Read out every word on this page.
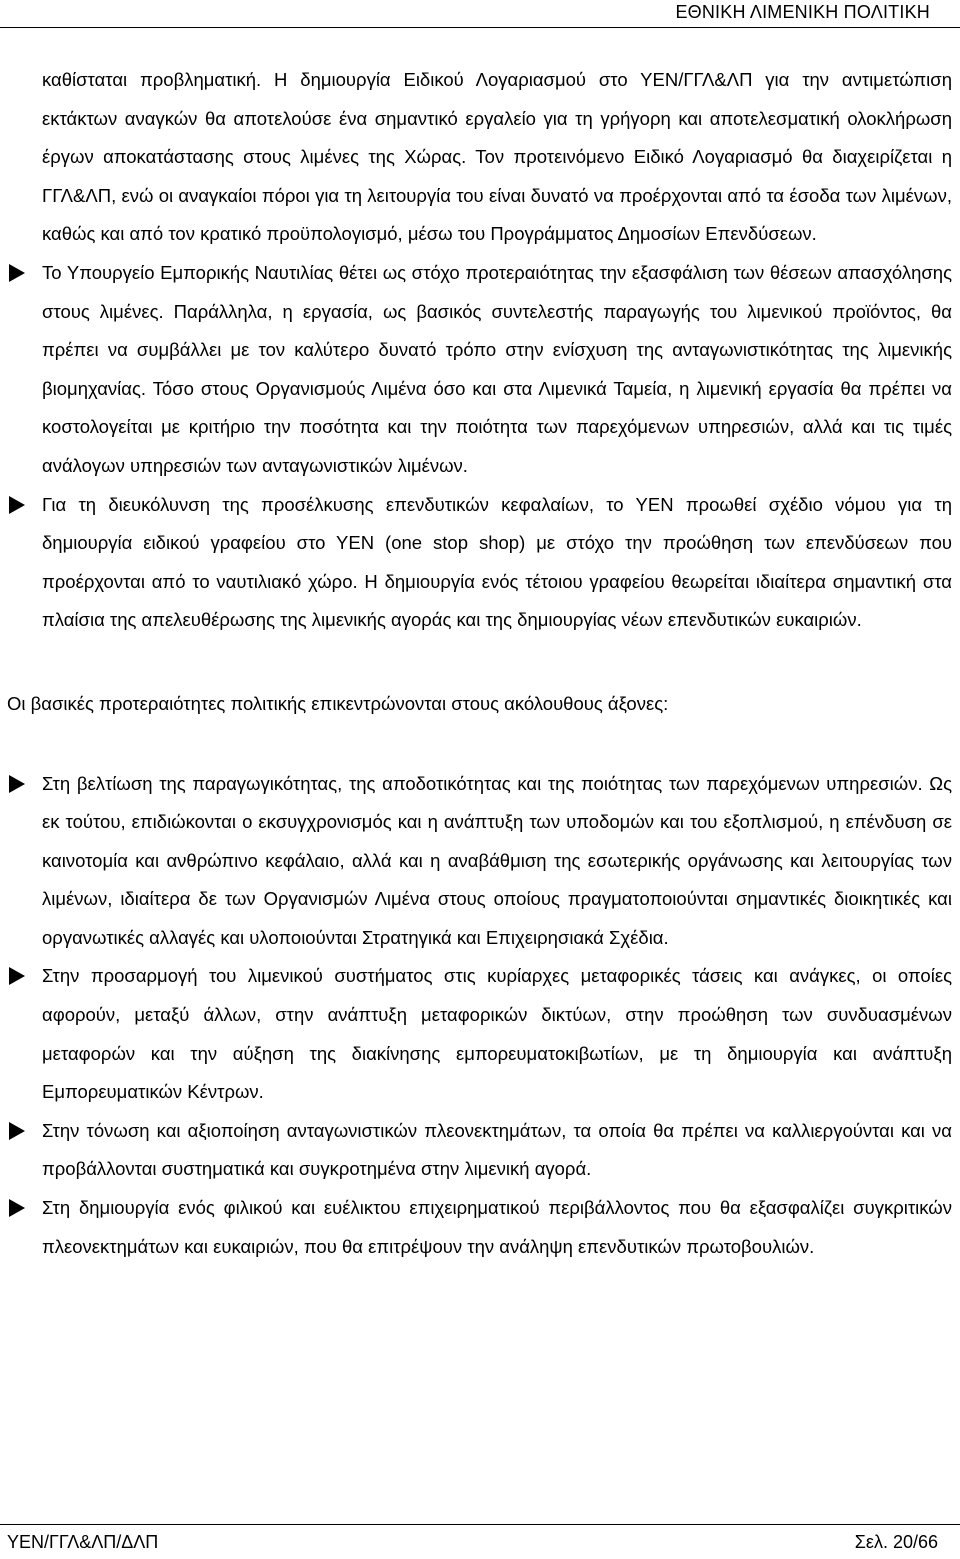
ΕΘΝΙΚΗ ΛΙΜΕΝΙΚΗ ΠΟΛΙΤΙΚΗ
καθίσταται προβληματική. Η δημιουργία Ειδικού Λογαριασμού στο ΥΕΝ/ΓΓΛ&ΛΠ για την αντιμετώπιση εκτάκτων αναγκών θα αποτελούσε ένα σημαντικό εργαλείο για τη γρήγορη και αποτελεσματική ολοκλήρωση έργων αποκατάστασης στους λιμένες της Χώρας. Τον προτεινόμενο Ειδικό Λογαριασμό θα διαχειρίζεται η ΓΓΛ&ΛΠ, ενώ οι αναγκαίοι πόροι για τη λειτουργία του είναι δυνατό να προέρχονται από τα έσοδα των λιμένων, καθώς και από τον κρατικό προϋπολογισμό, μέσω του Προγράμματος Δημοσίων Επενδύσεων.
Το Υπουργείο Εμπορικής Ναυτιλίας θέτει ως στόχο προτεραιότητας την εξασφάλιση των θέσεων απασχόλησης στους λιμένες. Παράλληλα, η εργασία, ως βασικός συντελεστής παραγωγής του λιμενικού προϊόντος, θα πρέπει να συμβάλλει με τον καλύτερο δυνατό τρόπο στην ενίσχυση της ανταγωνιστικότητας της λιμενικής βιομηχανίας. Τόσο στους Οργανισμούς Λιμένα όσο και στα Λιμενικά Ταμεία, η λιμενική εργασία θα πρέπει να κοστολογείται με κριτήριο την ποσότητα και την ποιότητα των παρεχόμενων υπηρεσιών, αλλά και τις τιμές ανάλογων υπηρεσιών των ανταγωνιστικών λιμένων.
Για τη διευκόλυνση της προσέλκυσης επενδυτικών κεφαλαίων, το ΥΕΝ προωθεί σχέδιο νόμου για τη δημιουργία ειδικού γραφείου στο ΥΕΝ (one stop shop) με στόχο την προώθηση των επενδύσεων που προέρχονται από το ναυτιλιακό χώρο. Η δημιουργία ενός τέτοιου γραφείου θεωρείται ιδιαίτερα σημαντική στα πλαίσια της απελευθέρωσης της λιμενικής αγοράς και της δημιουργίας νέων επενδυτικών ευκαιριών.
Οι βασικές προτεραιότητες πολιτικής επικεντρώνονται στους ακόλουθους άξονες:
Στη βελτίωση της παραγωγικότητας, της αποδοτικότητας και της ποιότητας των παρεχόμενων υπηρεσιών. Ως εκ τούτου, επιδιώκονται ο εκσυγχρονισμός και η ανάπτυξη των υποδομών και του εξοπλισμού, η επένδυση σε καινοτομία και ανθρώπινο κεφάλαιο, αλλά και η αναβάθμιση της εσωτερικής οργάνωσης και λειτουργίας των λιμένων, ιδιαίτερα δε των Οργανισμών Λιμένα στους οποίους πραγματοποιούνται σημαντικές διοικητικές και οργανωτικές αλλαγές και υλοποιούνται Στρατηγικά και Επιχειρησιακά Σχέδια.
Στην προσαρμογή του λιμενικού συστήματος στις κυρίαρχες μεταφορικές τάσεις και ανάγκες, οι οποίες αφορούν, μεταξύ άλλων, στην ανάπτυξη μεταφορικών δικτύων, στην προώθηση των συνδυασμένων μεταφορών και την αύξηση της διακίνησης εμπορευματοκιβωτίων, με τη δημιουργία και ανάπτυξη Εμπορευματικών Κέντρων.
Στην τόνωση και αξιοποίηση ανταγωνιστικών πλεονεκτημάτων, τα οποία θα πρέπει να καλλιεργούνται και να προβάλλονται συστηματικά και συγκροτημένα στην λιμενική αγορά.
Στη δημιουργία ενός φιλικού και ευέλικτου επιχειρηματικού περιβάλλοντος που θα εξασφαλίζει συγκριτικών πλεονεκτημάτων και ευκαιριών, που θα επιτρέψουν την ανάληψη επενδυτικών πρωτοβουλιών.
ΥΕΝ/ΓΓΛ&ΛΠ/ΔΛΠ	Σελ. 20/66
